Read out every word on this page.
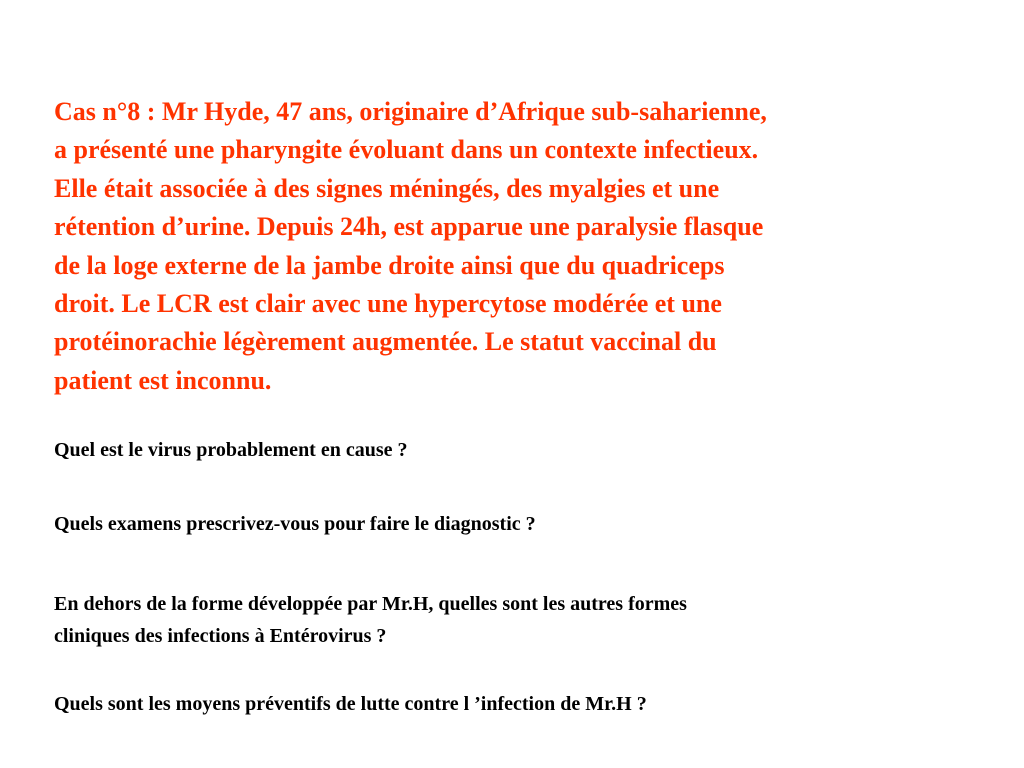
Cas n°8 : Mr Hyde, 47 ans, originaire d’Afrique sub-saharienne,
a présenté une pharyngite évoluant dans un contexte infectieux.
Elle était associée à des signes méningés, des myalgies et une
rétention d’urine. Depuis 24h, est apparue une paralysie flasque
de la loge externe de la jambe droite ainsi que du quadriceps
droit. Le LCR est clair avec une hypercytose modérée et une
protéinorachie légèrement augmentée. Le statut vaccinal du
patient est inconnu.

Quel est le virus probablement en cause ?

Quels examens prescrivez-vous pour faire le diagnostic ?

En dehors de la forme développée par Mr.H, quelles sont les autres formes
cliniques des infections à Entérovirus ?

Quels sont les moyens préventifs de lutte contre l ’infection de Mr.H ?
